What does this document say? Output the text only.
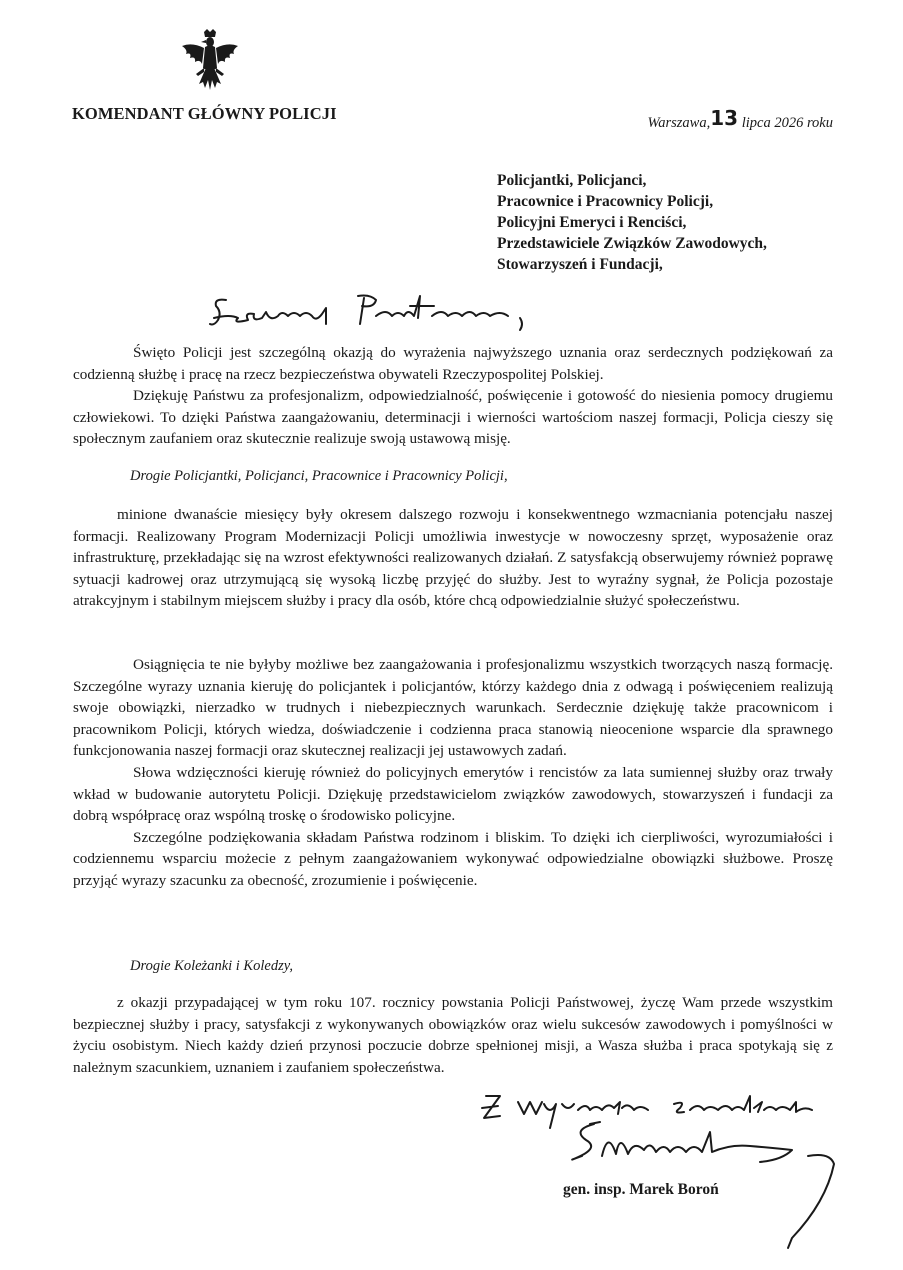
KOMENDANT GŁÓWNY POLICJI	Warszawa,13 lipca 2026 roku
Policjantki, Policjanci,
Pracownice i Pracownicy Policji,
Policyjni Emeryci i Renciści,
Przedstawiciele Związków Zawodowych,
Stowarzyszeń i Fundacji,

Święto Policji jest szczególną okazją do wyrażenia najwyższego uznania oraz serdecznych podziękowań za codzienną służbę i pracę na rzecz bezpieczeństwa obywateli Rzeczypospolitej Polskiej.

Dziękuję Państwu za profesjonalizm, odpowiedzialność, poświęcenie i gotowość do niesienia pomocy drugiemu człowiekowi. To dzięki Państwa zaangażowaniu, determinacji i wierności wartościom naszej formacji, Policja cieszy się społecznym zaufaniem oraz skutecznie realizuje swoją ustawową misję.

Drogie Policjantki, Policjanci, Pracownice i Pracownicy Policji,

minione dwanaście miesięcy były okresem dalszego rozwoju i konsekwentnego wzmacniania potencjału naszej formacji. Realizowany Program Modernizacji Policji umożliwia inwestycje w nowoczesny sprzęt, wyposażenie oraz infrastrukturę, przekładając się na wzrost efektywności realizowanych działań. Z satysfakcją obserwujemy również poprawę sytuacji kadrowej oraz utrzymującą się wysoką liczbę przyjęć do służby. Jest to wyraźny sygnał, że Policja pozostaje atrakcyjnym i stabilnym miejscem służby i pracy dla osób, które chcą odpowiedzialnie służyć społeczeństwu.

Osiągnięcia te nie byłyby możliwe bez zaangażowania i profesjonalizmu wszystkich tworzących naszą formację. Szczególne wyrazy uznania kieruję do policjantek i policjantów, którzy każdego dnia z odwagą i poświęceniem realizują swoje obowiązki, nierzadko w trudnych i niebezpiecznych warunkach. Serdecznie dziękuję także pracownicom i pracownikom Policji, których wiedza, doświadczenie i codzienna praca stanowią nieocenione wsparcie dla sprawnego funkcjonowania naszej formacji oraz skutecznej realizacji jej ustawowych zadań.

Słowa wdzięczności kieruję również do policyjnych emerytów i rencistów za lata sumiennej służby oraz trwały wkład w budowanie autorytetu Policji. Dziękuję przedstawicielom związków zawodowych, stowarzyszeń i fundacji za dobrą współpracę oraz wspólną troskę o środowisko policyjne.

Szczególne podziękowania składam Państwa rodzinom i bliskim. To dzięki ich cierpliwości, wyrozumiałości i codziennemu wsparciu możecie z pełnym zaangażowaniem wykonywać odpowiedzialne obowiązki służbowe. Proszę przyjąć wyrazy szacunku za obecność, zrozumienie i poświęcenie.

Drogie Koleżanki i Koledzy,

z okazji przypadającej w tym roku 107. rocznicy powstania Policji Państwowej, życzę Wam przede wszystkim bezpiecznej służby i pracy, satysfakcji z wykonywanych obowiązków oraz wielu sukcesów zawodowych i pomyślności w życiu osobistym. Niech każdy dzień przynosi poczucie dobrze spełnionej misji, a Wasza służba i praca spotykają się z należnym szacunkiem, uznaniem i zaufaniem społeczeństwa.

gen. insp. Marek Boroń
